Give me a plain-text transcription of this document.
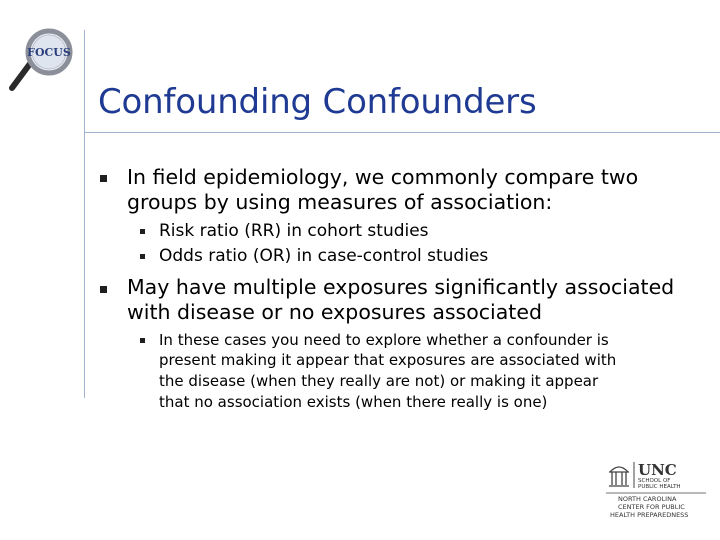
FOCUS
Confounding Confounders
In field epidemiology, we commonly compare two
groups by using measures of association:
Risk ratio (RR) in cohort studies
Odds ratio (OR) in case-control studies
May have multiple exposures significantly associated
with disease or no exposures associated
In these cases you need to explore whether a confounder is
present making it appear that exposures are associated with
the disease (when they really are not) or making it appear
that no association exists (when there really is one)
UNC
SCHOOL OF
PUBLIC HEALTH
NORTH CAROLINA
CENTER FOR PUBLIC
HEALTH PREPAREDNESS
